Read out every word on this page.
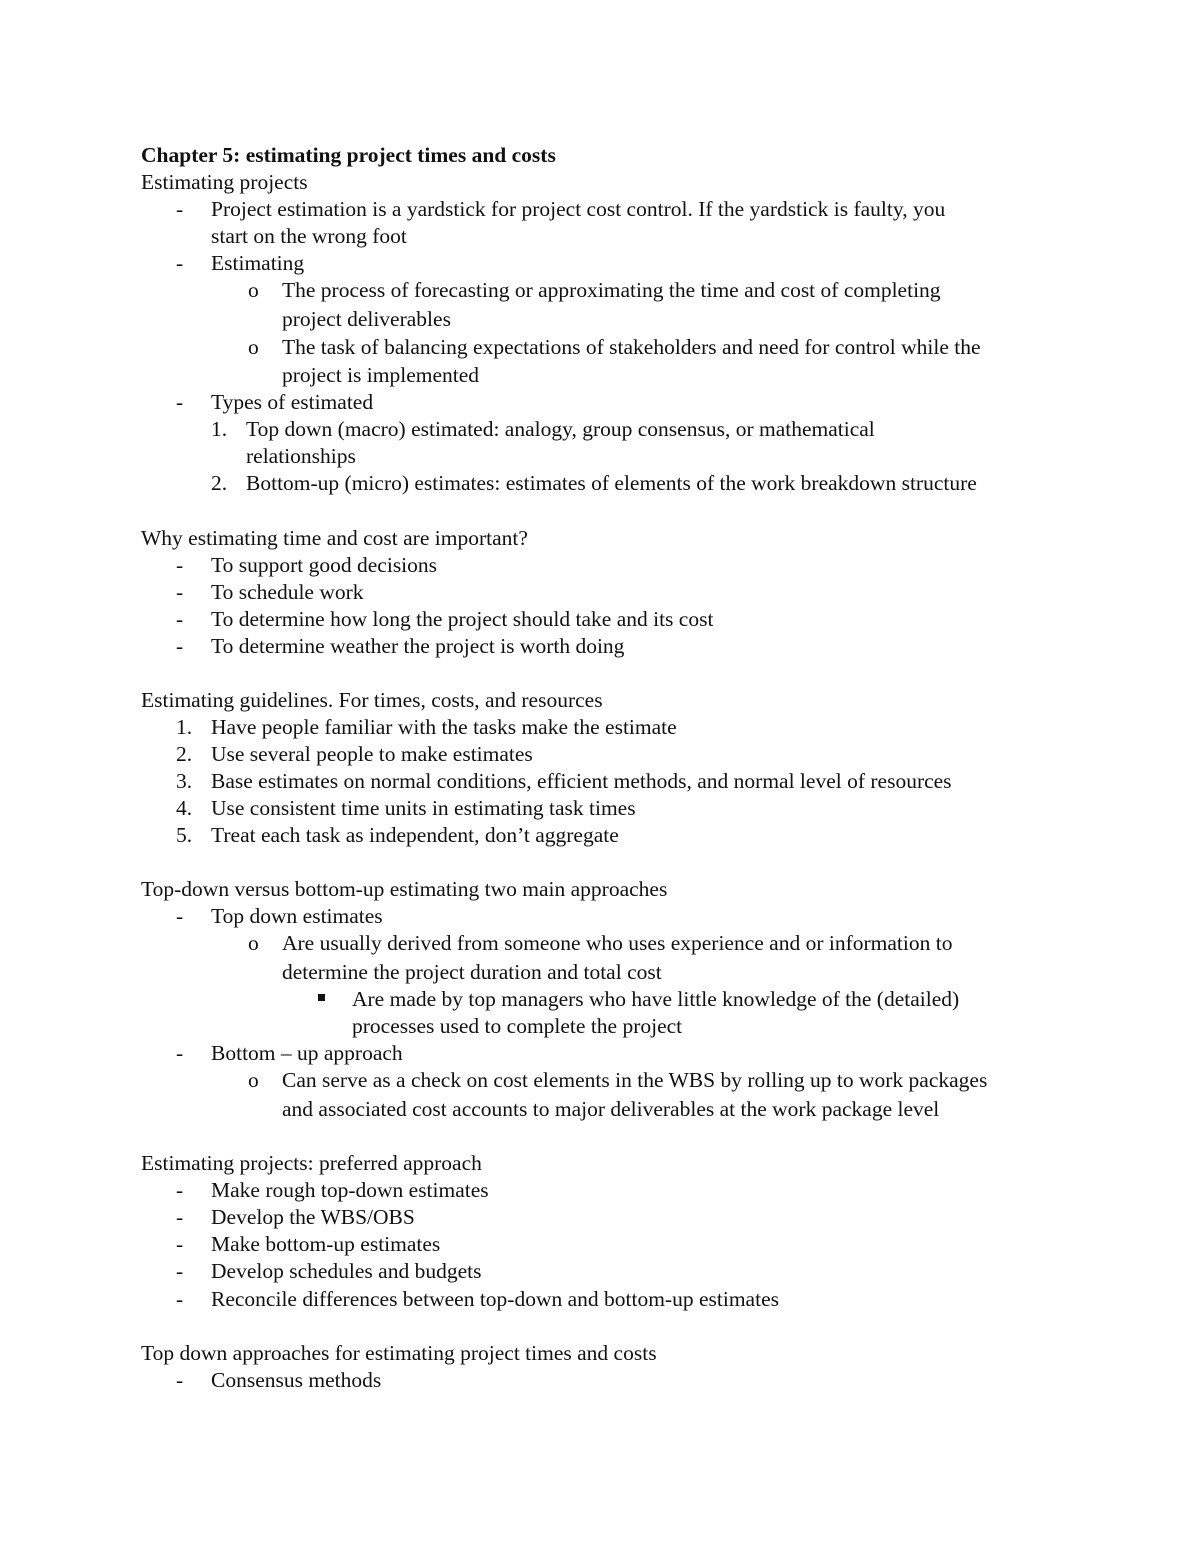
Chapter 5: estimating project times and costs
Estimating projects
- Project estimation is a yardstick for project cost control. If the yardstick is faulty, you
start on the wrong foot
- Estimating
o The process of forecasting or approximating the time and cost of completing
project deliverables
o The task of balancing expectations of stakeholders and need for control while the
project is implemented
- Types of estimated
1. Top down (macro) estimated: analogy, group consensus, or mathematical
relationships
2. Bottom-up (micro) estimates: estimates of elements of the work breakdown structure
Why estimating time and cost are important?
- To support good decisions
- To schedule work
- To determine how long the project should take and its cost
- To determine weather the project is worth doing
Estimating guidelines. For times, costs, and resources
1. Have people familiar with the tasks make the estimate
2. Use several people to make estimates
3. Base estimates on normal conditions, efficient methods, and normal level of resources
4. Use consistent time units in estimating task times
5. Treat each task as independent, don’t aggregate
Top-down versus bottom-up estimating two main approaches
- Top down estimates
o Are usually derived from someone who uses experience and or information to
determine the project duration and total cost
Are made by top managers who have little knowledge of the (detailed)
processes used to complete the project
- Bottom – up approach
o Can serve as a check on cost elements in the WBS by rolling up to work packages
and associated cost accounts to major deliverables at the work package level
Estimating projects: preferred approach
- Make rough top-down estimates
- Develop the WBS/OBS
- Make bottom-up estimates
- Develop schedules and budgets
- Reconcile differences between top-down and bottom-up estimates
Top down approaches for estimating project times and costs
- Consensus methods
